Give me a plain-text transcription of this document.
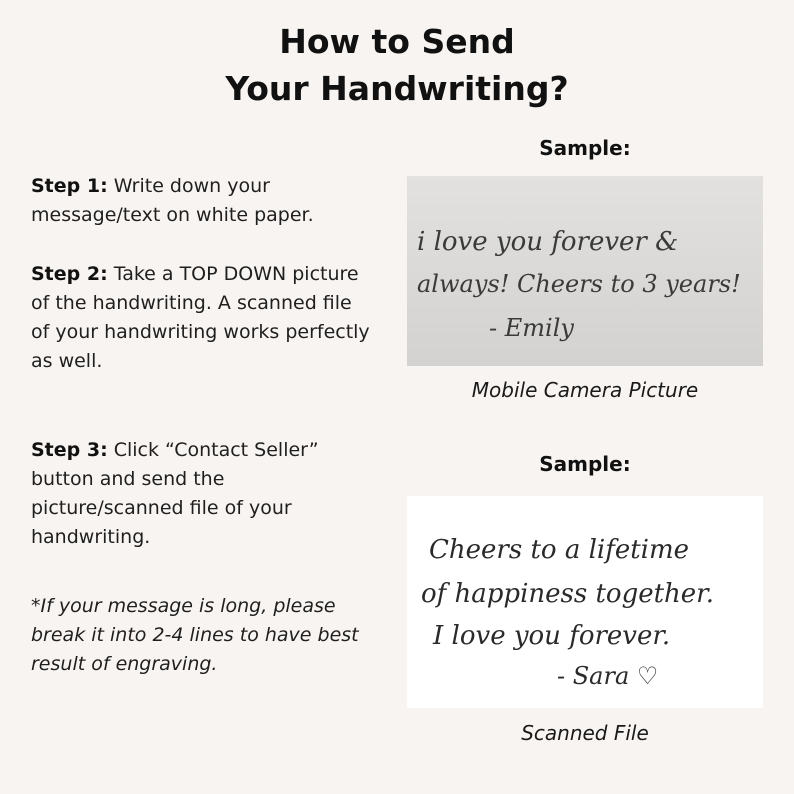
How to Send
Your Handwriting?

Step 1: Write down your message/text on white paper.

Step 2: Take a TOP DOWN picture of the handwriting. A scanned file of your handwriting works perfectly as well.

Step 3: Click “Contact Seller” button and send the picture/scanned file of your handwriting.

*If your message is long, please break it into 2-4 lines to have best result of engraving.

Sample:
i love you forever &
always! Cheers to 3 years!
- Emily
Mobile Camera Picture
Sample:
Cheers to a lifetime
of happiness together.
I love you forever.
- Sara ♡
Scanned File
